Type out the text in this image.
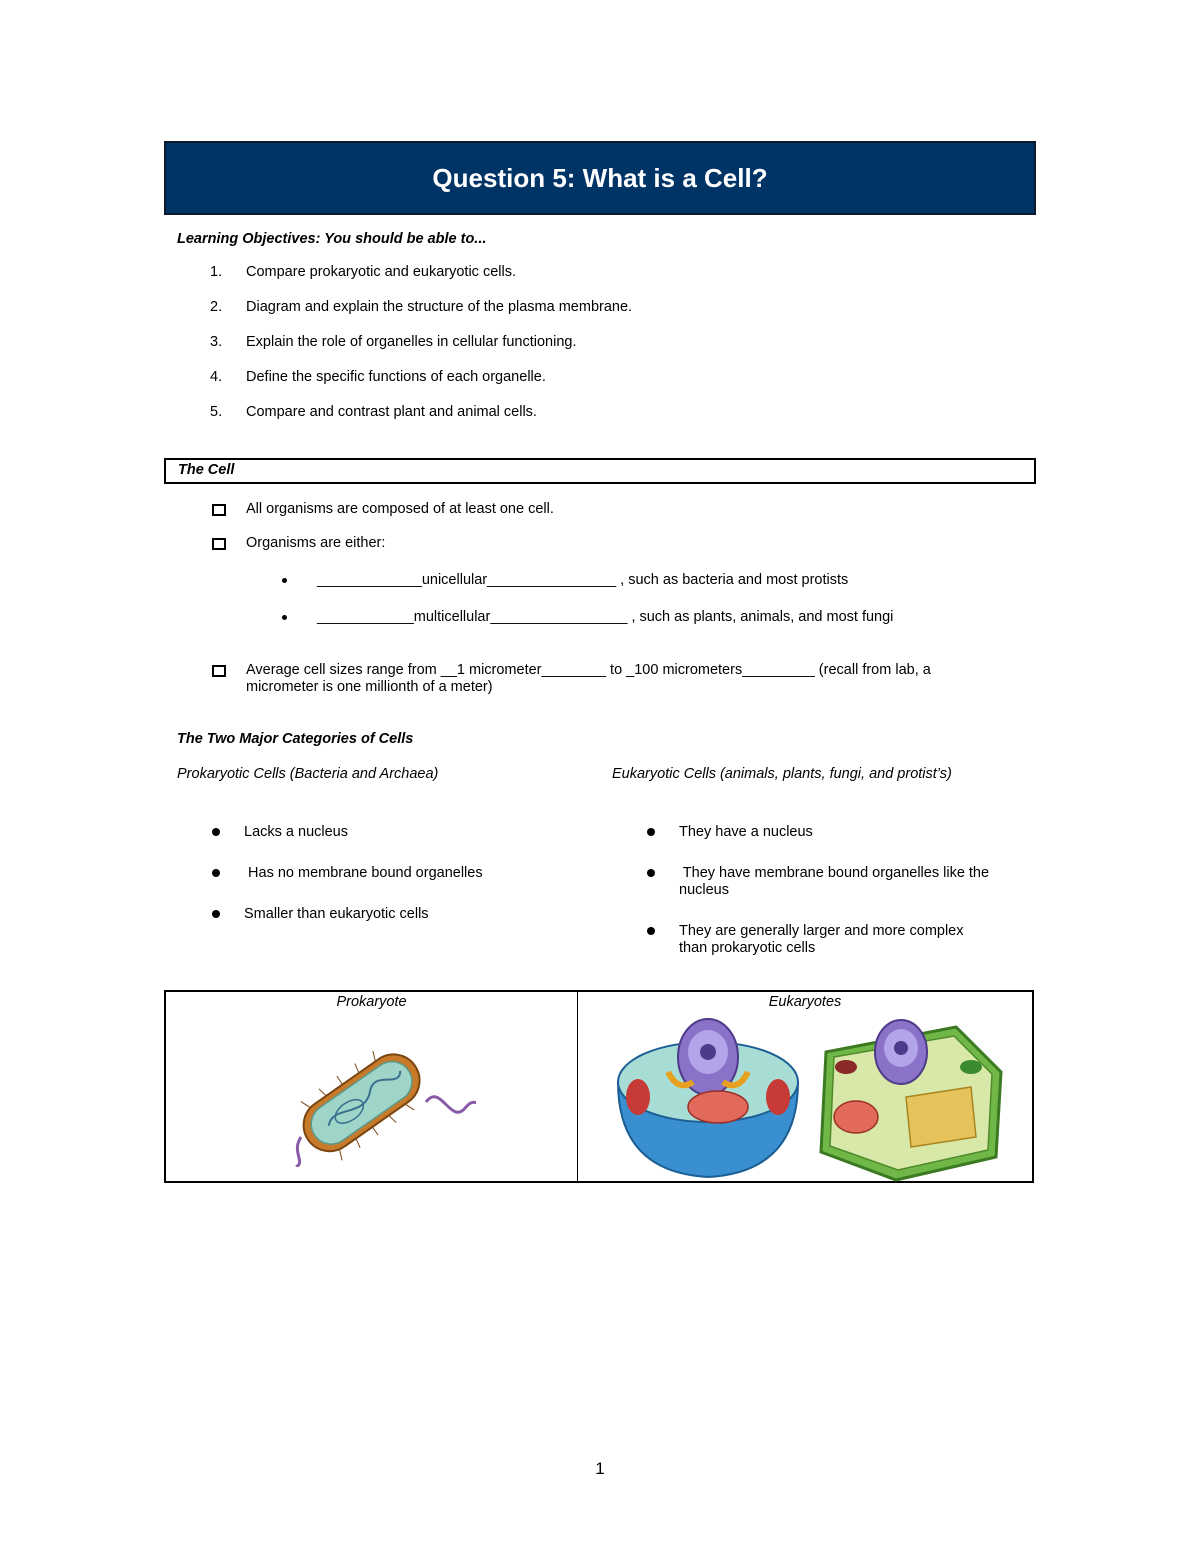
Question 5: What is a Cell?
Learning Objectives: You should be able to...
1.	Compare prokaryotic and eukaryotic cells.
2.	Diagram and explain the structure of the plasma membrane.
3.	Explain the role of organelles in cellular functioning.
4.	Define the specific functions of each organelle.
5.	Compare and contrast plant and animal cells.
The Cell
All organisms are composed of at least one cell.
Organisms are either:
_____________unicellular________________ , such as bacteria and most protists
____________multicellular_________________ , such as plants, animals, and most fungi
Average cell sizes range from __1 micrometer________ to _100 micrometers_________ (recall from lab, a
micrometer is one millionth of a meter)
The Two Major Categories of Cells
Prokaryotic Cells (Bacteria and Archaea)	Eukaryotic Cells (animals, plants, fungi, and protist’s)
Lacks a nucleus
Has no membrane bound organelles
Smaller than eukaryotic cells
They have a nucleus
They have membrane bound organelles like the
nucleus
They are generally larger and more complex
than prokaryotic cells
Prokaryote	Eukaryotes
1
